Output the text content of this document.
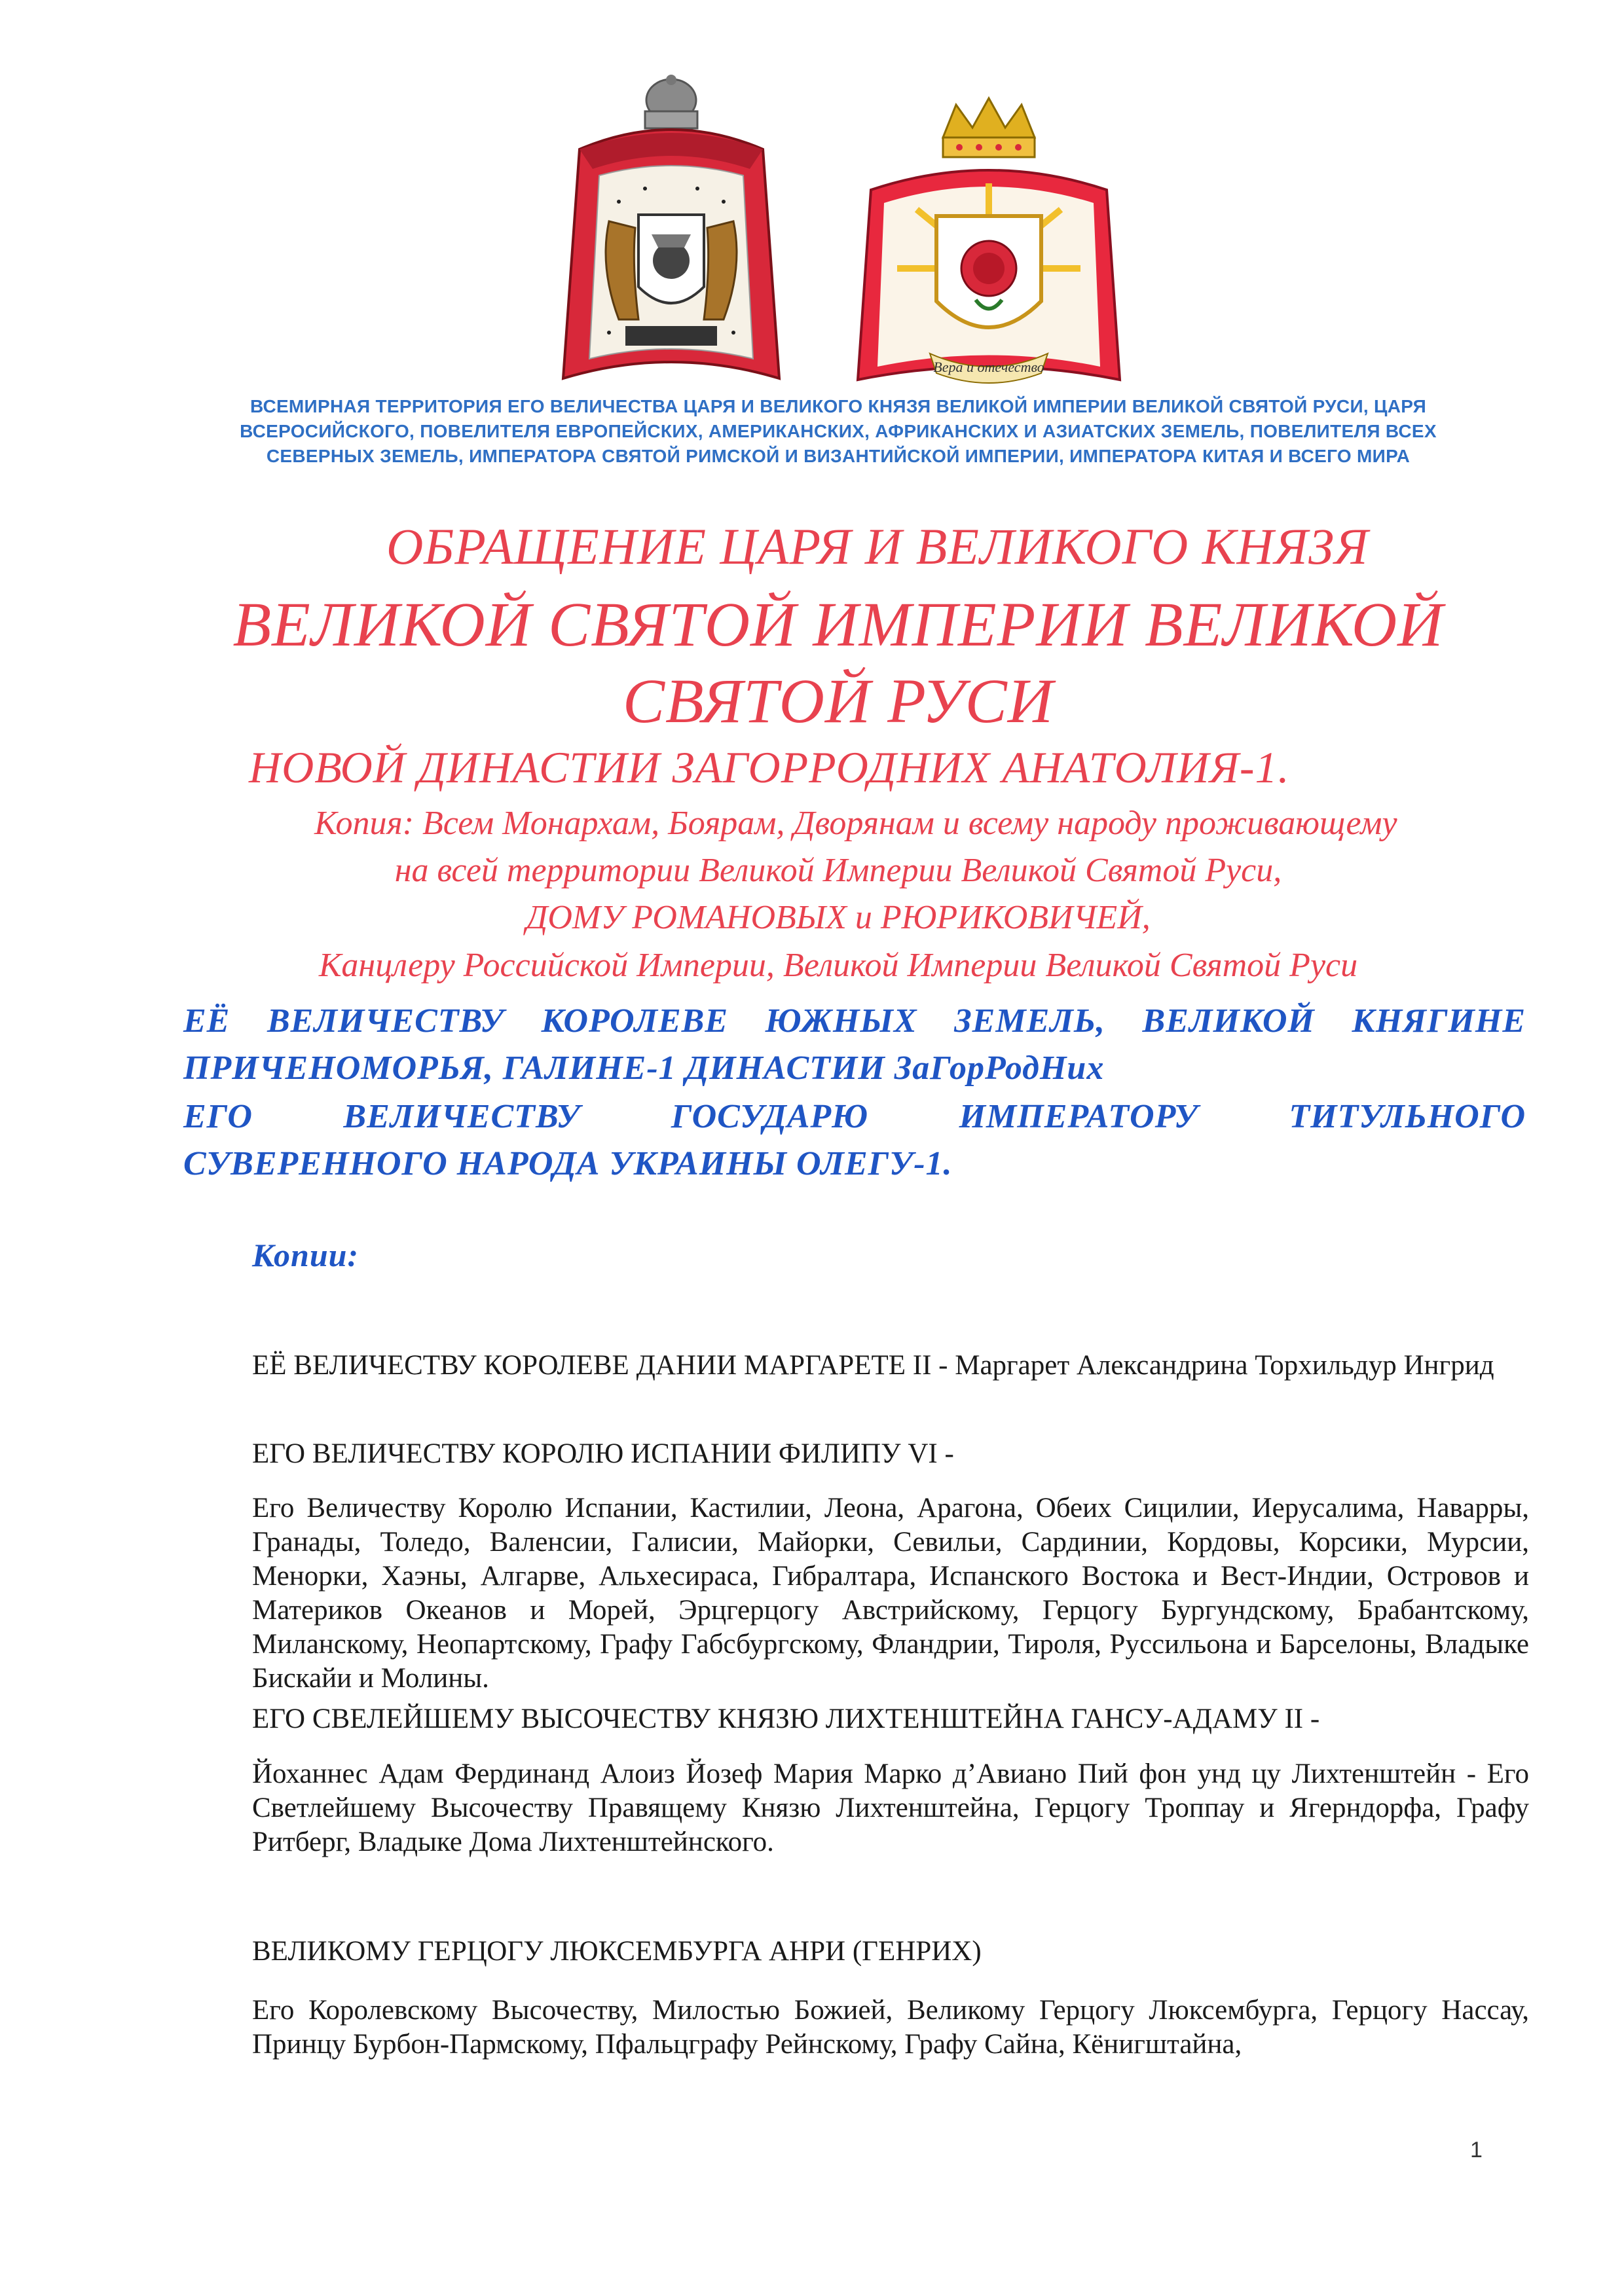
Вера и отечество
ВСЕМИРНАЯ ТЕРРИТОРИЯ ЕГО ВЕЛИЧЕСТВА ЦАРЯ И ВЕЛИКОГО КНЯЗЯ ВЕЛИКОЙ ИМПЕРИИ ВЕЛИКОЙ СВЯТОЙ РУСИ, ЦАРЯ
ВСЕРОСИЙСКОГО, ПОВЕЛИТЕЛЯ ЕВРОПЕЙСКИХ, АМЕРИКАНСКИХ, АФРИКАНСКИХ И АЗИАТСКИХ ЗЕМЕЛЬ, ПОВЕЛИТЕЛЯ ВСЕХ
СЕВЕРНЫХ ЗЕМЕЛЬ, ИМПЕРАТОРА СВЯТОЙ РИМСКОЙ И ВИЗАНТИЙСКОЙ ИМПЕРИИ, ИМПЕРАТОРА КИТАЯ И ВСЕГО МИРА
ОБРАЩЕНИЕ ЦАРЯ И ВЕЛИКОГО КНЯЗЯ
ВЕЛИКОЙ СВЯТОЙ ИМПЕРИИ ВЕЛИКОЙ
СВЯТОЙ РУСИ
НОВОЙ ДИНАСТИИ ЗАГОРРОДНИХ АНАТОЛИЯ-1.
Копия: Всем Монархам, Боярам, Дворянам и всему народу проживающему
на всей территории Великой Империи Великой Святой Руси,
ДОМУ РОМАНОВЫХ и РЮРИКОВИЧЕЙ,
Канцлеру Российской Империи, Великой Империи Великой Святой Руси
ЕЁ ВЕЛИЧЕСТВУ КОРОЛЕВЕ ЮЖНЫХ ЗЕМЕЛЬ, ВЕЛИКОЙ КНЯГИНЕ
ПРИЧЕНОМОРЬЯ, ГАЛИНЕ-1 ДИНАСТИИ ЗаГорРодНих
ЕГО	ВЕЛИЧЕСТВУ	ГОСУДАРЮ	ИМПЕРАТОРУ	ТИТУЛЬНОГО
СУВЕРЕННОГО НАРОДА УКРАИНЫ ОЛЕГУ-1.
Копии:
ЕЁ ВЕЛИЧЕСТВУ КОРОЛЕВЕ ДАНИИ МАРГАРЕТЕ II - Маргарет Александрина Торхильдур Ингрид
ЕГО ВЕЛИЧЕСТВУ КОРОЛЮ ИСПАНИИ ФИЛИПУ VI -
Его Величеству Королю Испании, Кастилии, Леона, Арагона, Обеих Сицилии, Иерусалима, Наварры, Гранады, Толедо, Валенсии, Галисии, Майорки, Севильи, Сардинии, Кордовы, Корсики, Мурсии, Менорки, Хаэны, Алгарве, Альхесираса, Гибралтара, Испанского Востока и Вест-Индии, Островов и Материков Океанов и Морей, Эрцгерцогу Австрийскому, Герцогу Бургундскому, Брабантскому, Миланскому, Неопартскому, Графу Габсбургскому, Фландрии, Тироля, Руссильона и Барселоны, Владыке Бискайи и Молины.
ЕГО СВЕЛЕЙШЕМУ ВЫСОЧЕСТВУ КНЯЗЮ ЛИХТЕНШТЕЙНА ГАНСУ-АДАМУ II -
Йоханнес Адам Фердинанд Алоиз Йозеф Мария Марко д’Авиано Пий фон унд цу Лихтенштейн - Его Светлейшему Высочеству Правящему Князю Лихтенштейна, Герцогу Троппау и Ягерндорфа, Графу Ритберг, Владыке Дома Лихтенштейнского.
ВЕЛИКОМУ ГЕРЦОГУ ЛЮКСЕМБУРГА АНРИ (ГЕНРИХ)
Его Королевскому Высочеству, Милостью Божией, Великому Герцогу Люксембурга, Герцогу Нассау, Принцу Бурбон-Пармскому, Пфальцграфу Рейнскому, Графу Сайна, Кёнигштайна,
1
